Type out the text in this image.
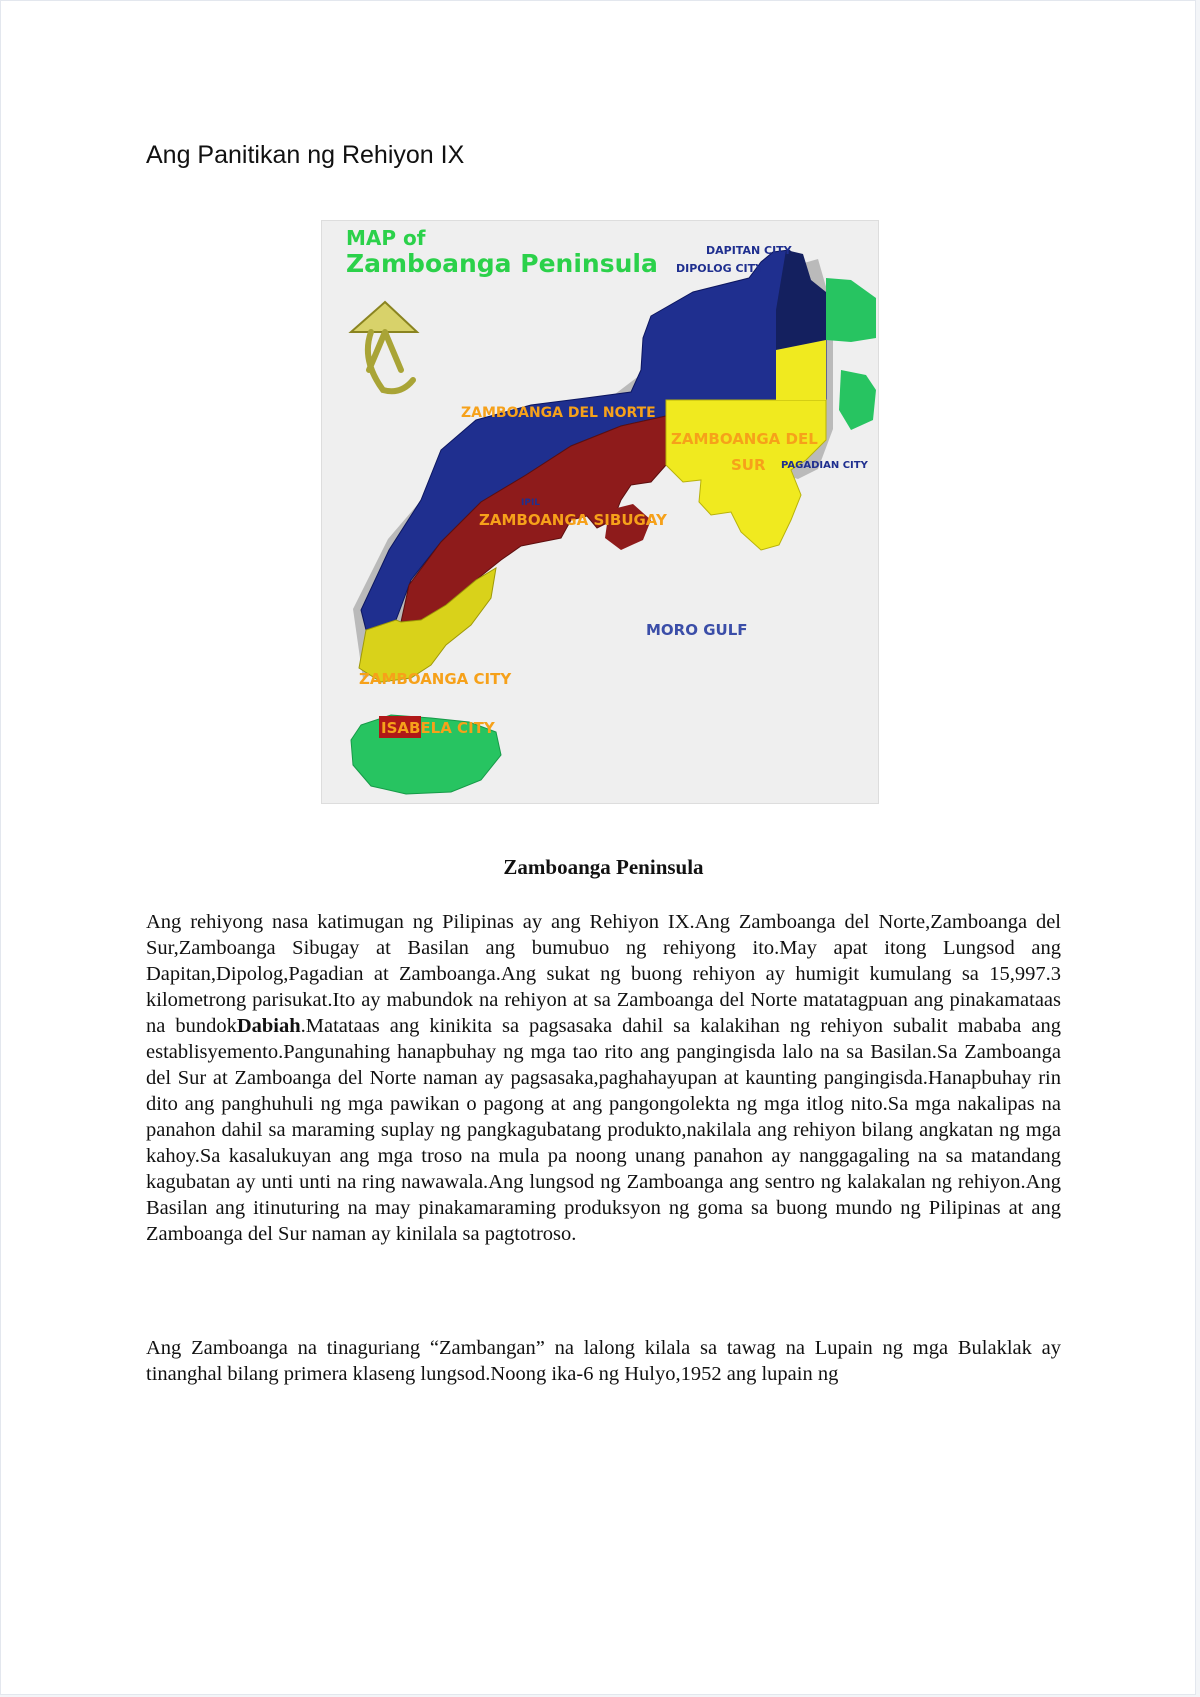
Ang Panitikan ng Rehiyon IX
MAP of
Zamboanga Peninsula	DAPITAN CITY
DIPOLOG CITY
ZAMBOANGA DEL NORTE
ZAMBOANGA DEL
SUR PAGADIAN CITY
IPIL
ZAMBOANGA SIBUGAY
MORO GULF
ZAMBOANGA CITY
ISABELA CITY
Zamboanga Peninsula

Ang rehiyong nasa katimugan ng Pilipinas ay ang Rehiyon IX.Ang Zamboanga del Norte,Zamboanga del Sur,Zamboanga Sibugay at Basilan ang bumubuo ng rehiyong ito.May apat itong Lungsod ang Dapitan,Dipolog,Pagadian at Zamboanga.Ang sukat ng buong rehiyon ay humigit kumulang sa 15,997.3 kilometrong parisukat.Ito ay mabundok na rehiyon at sa Zamboanga del Norte matatagpuan ang pinakamataas na bundokDabiah.Matataas ang kinikita sa pagsasaka dahil sa kalakihan ng rehiyon subalit mababa ang establisyemento.Pangunahing hanapbuhay ng mga tao rito ang pangingisda lalo na sa Basilan.Sa Zamboanga del Sur at Zamboanga del Norte naman ay pagsasaka,paghahayupan at kaunting pangingisda.Hanapbuhay rin dito ang panghuhuli ng mga pawikan o pagong at ang pangongolekta ng mga itlog nito.Sa mga nakalipas na panahon dahil sa maraming suplay ng pangkagubatang produkto,nakilala ang rehiyon bilang angkatan ng mga kahoy.Sa kasalukuyan ang mga troso na mula pa noong unang panahon ay nanggagaling na sa matandang kagubatan ay unti unti na ring nawawala.Ang lungsod ng Zamboanga ang sentro ng kalakalan ng rehiyon.Ang Basilan ang itinuturing na may pinakamaraming produksyon ng goma sa buong mundo ng Pilipinas at ang Zamboanga del Sur naman ay kinilala sa pagtotroso.

Ang Zamboanga na tinaguriang “Zambangan” na lalong kilala sa tawag na Lupain ng mga Bulaklak ay tinanghal bilang primera klaseng lungsod.Noong ika-6 ng Hulyo,1952 ang lupain ng
